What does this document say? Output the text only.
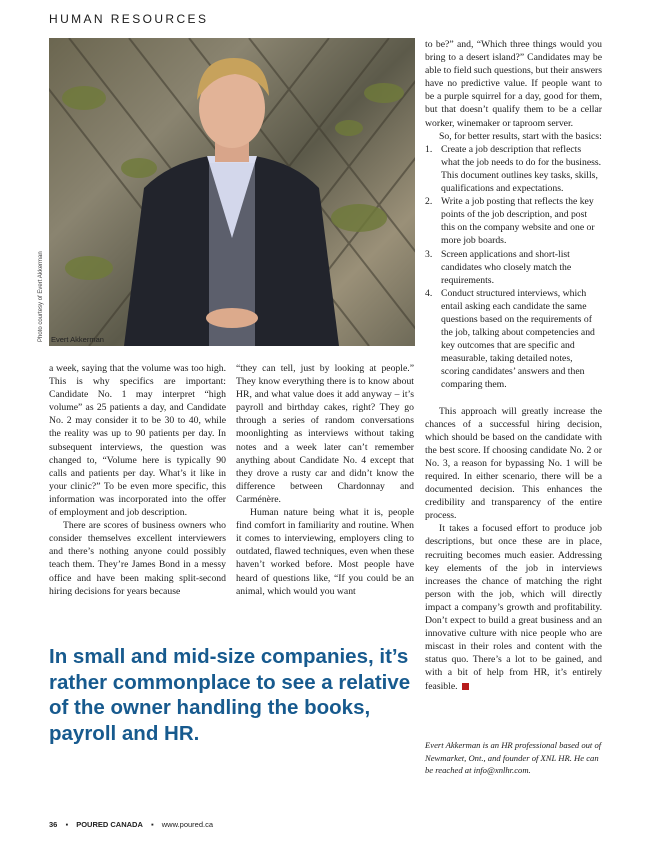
HUMAN RESOURCES
Photo courtesy of Evert Akkerman Evert Akkerman

a week, saying that the volume was too high. This is why specifics are important: Candidate No. 1 may interpret “high volume” as 25 patients a day, and Candidate No. 2 may consider it to be 30 to 40, while the reality was up to 90 patients per day. In subsequent interviews, the question was changed to, “Volume here is typically 90 calls and patients per day. What’s it like in your clinic?” To be even more specific, this information was incorporated into the offer of employment and job description.

There are scores of business owners who consider themselves excellent interviewers and there’s nothing anyone could possibly teach them. They’re James Bond in a messy office and have been making split-second hiring decisions for years because

“they can tell, just by looking at people.” They know everything there is to know about HR, and what value does it add anyway – it’s payroll and birthday cakes, right? They go through a series of random conversations moonlighting as interviews without taking notes and a week later can’t remember anything about Candidate No. 4 except that they drove a rusty car and didn’t know the difference between Chardonnay and Carménère.

Human nature being what it is, people find comfort in familiarity and routine. When it comes to interviewing, employers cling to outdated, flawed techniques, even when these haven’t worked before. Most people have heard of questions like, “If you could be an animal, which would you want

to be?” and, “Which three things would you bring to a desert island?” Candidates may be able to field such questions, but their answers have no predictive value. If people want to be a purple squirrel for a day, good for them, but that doesn’t qualify them to be a cellar worker, winemaker or taproom server.

So, for better results, start with the basics:

1. Create a job description that reflects what the job needs to do for the business. This document outlines key tasks, skills, qualifications and expectations.
2. Write a job posting that reflects the key points of the job description, and post this on the company website and one or more job boards.
3. Screen applications and short-list candidates who closely match the requirements.
4. Conduct structured interviews, which entail asking each candidate the same questions based on the requirements of the job, talking about competencies and key outcomes that are specific and measurable, taking detailed notes, scoring candidates’ answers and then comparing them.

This approach will greatly increase the chances of a successful hiring decision, which should be based on the candidate with the best score. If choosing candidate No. 2 or No. 3, a reason for bypassing No. 1 will be required. In either scenario, there will be a documented decision. This enhances the credibility and transparency of the entire process.

It takes a focused effort to produce job descriptions, but once these are in place, recruiting becomes much easier. Addressing key elements of the job in interviews increases the chance of matching the right person with the job, which will directly impact a company’s growth and profitability. Don’t expect to build a great business and an innovative culture with nice people who are miscast in their roles and content with the status quo. There’s a lot to be gained, and with a bit of help from HR, it’s entirely feasible.

In small and mid-size companies, it’s rather commonplace to see a relative of the owner handling the books, payroll and HR.
Evert Akkerman is an HR professional based out of Newmarket, Ont., and founder of XNL HR. He can be reached at info@xnlhr.com.
36 ▪ POURED CANADA ▪ www.poured.ca
